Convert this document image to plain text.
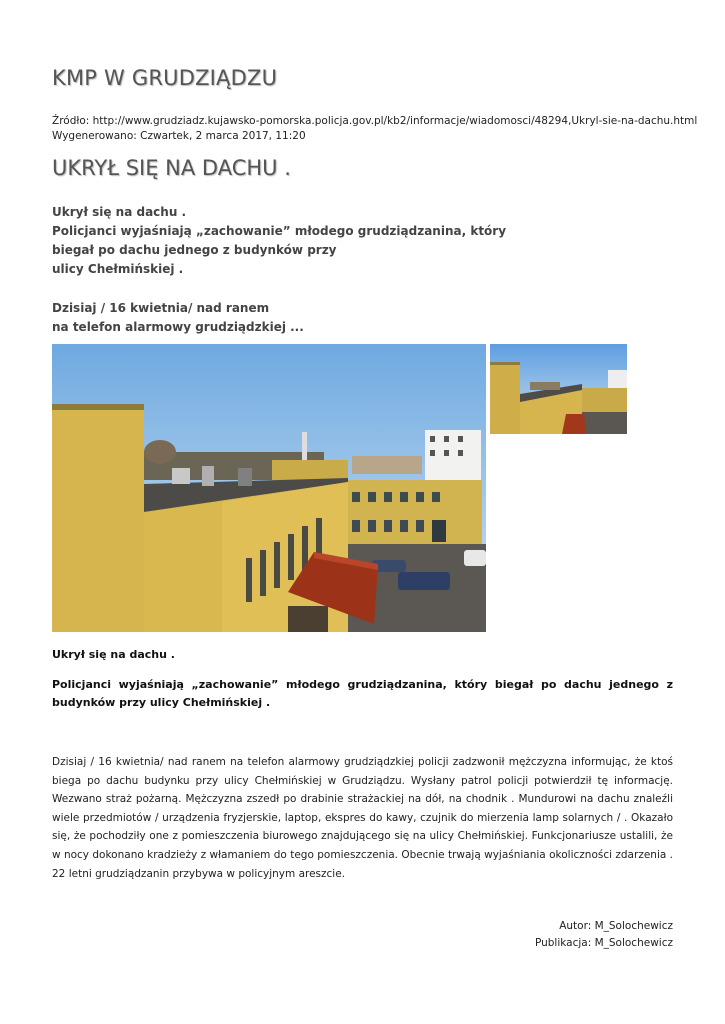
KMP W GRUDZIĄDZU
Źródło: http://www.grudziadz.kujawsko-pomorska.policja.gov.pl/kb2/informacje/wiadomosci/48294,Ukryl-sie-na-dachu.html
Wygenerowano: Czwartek, 2 marca 2017, 11:20
UKRYŁ SIĘ NA DACHU .
Ukrył się na dachu .
Policjanci wyjaśniają „zachowanie” młodego grudziądzanina, który
biegał po dachu jednego z budynków przy
ulicy Chełmińskiej .
Dzisiaj / 16 kwietnia/ nad ranem
na telefon alarmowy grudziądzkiej ...
Ukrył się na dachu .
Policjanci wyjaśniają „zachowanie” młodego grudziądzanina, który biegał po dachu jednego z budynków przy ulicy Chełmińskiej .
Dzisiaj / 16 kwietnia/ nad ranem na telefon alarmowy grudziądzkiej policji zadzwonił mężczyzna informując, że ktoś biega po dachu budynku przy ulicy Chełmińskiej w Grudziądzu. Wysłany patrol policji potwierdził tę informację. Wezwano straż pożarną. Mężczyzna zszedł po drabinie strażackiej na dół, na chodnik . Mundurowi na dachu znaleźli wiele przedmiotów / urządzenia fryzjerskie, laptop, ekspres do kawy, czujnik do mierzenia lamp solarnych / . Okazało się, że pochodziły one z pomieszczenia biurowego znajdującego się na ulicy Chełmińskiej. Funkcjonariusze ustalili, że w nocy dokonano kradzieży z włamaniem do tego pomieszczenia. Obecnie trwają wyjaśniania okoliczności zdarzenia . 22 letni grudziądzanin przybywa w policyjnym areszcie.
Autor: M_Solochewicz
Publikacja: M_Solochewicz
